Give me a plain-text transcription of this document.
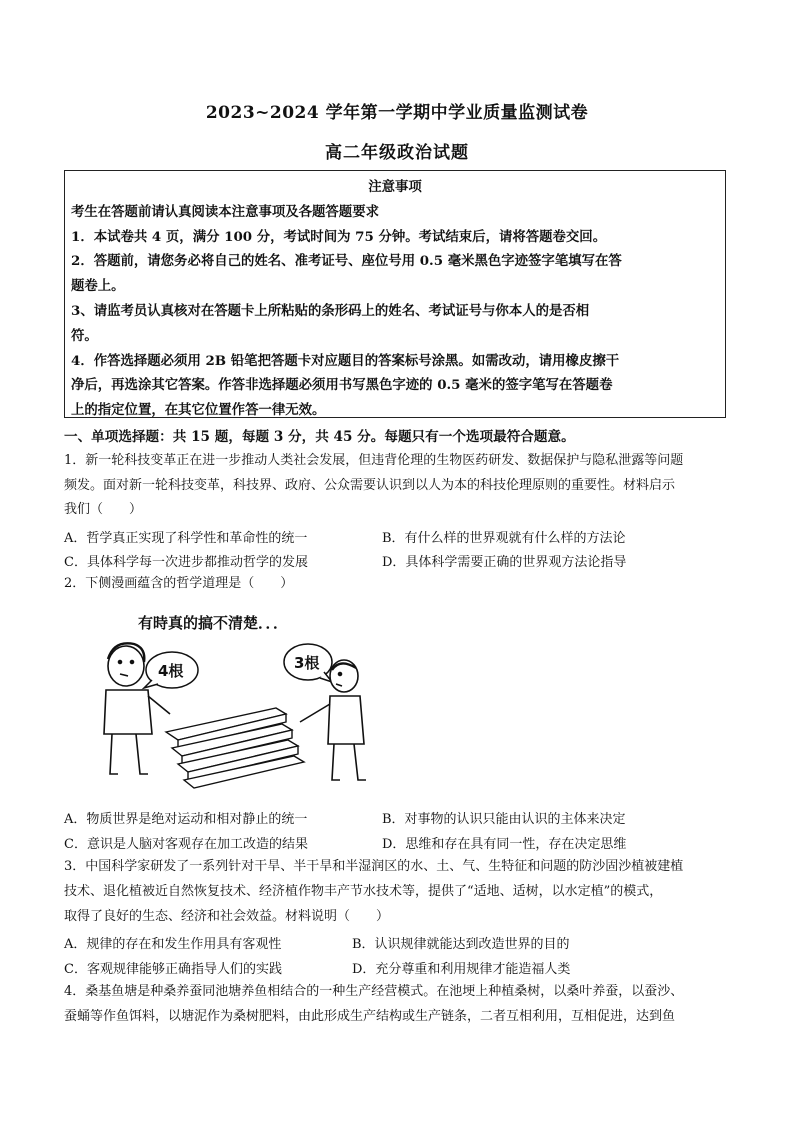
2023~2024 学年第一学期中学业质量监测试卷
高二年级政治试题
注意事项
考生在答题前请认真阅读本注意事项及各题答题要求
1．本试卷共 4 页，满分 100 分，考试时间为 75 分钟。考试结束后，请将答题卷交回。
2．答题前，请您务必将自己的姓名、准考证号、座位号用 0.5 毫米黑色字迹签字笔填写在答
题卷上。
3、请监考员认真核对在答题卡上所粘贴的条形码上的姓名、考试证号与你本人的是否相
符。
4．作答选择题必须用 2B 铅笔把答题卡对应题目的答案标号涂黑。如需改动，请用橡皮擦干
净后，再选涂其它答案。作答非选择题必须用书写黑色字迹的 0.5 毫米的签字笔写在答题卷
上的指定位置，在其它位置作答一律无效。
一、单项选择题：共 15 题，每题 3 分，共 45 分。每题只有一个选项最符合题意。
1．新一轮科技变革正在进一步推动人类社会发展，但违背伦理的生物医药研发、数据保护与隐私泄露等问题
频发。面对新一轮科技变革，科技界、政府、公众需要认识到以人为本的科技伦理原则的重要性。材料启示
我们（　　）
A．哲学真正实现了科学性和革命性的统一	B．有什么样的世界观就有什么样的方法论
C．具体科学每一次进步都推动哲学的发展	D．具体科学需要正确的世界观方法论指导
2．下侧漫画蕴含的哲学道理是（　　）
4根
有時真的搞不清楚．．．
3根
A．物质世界是绝对运动和相对静止的统一	B．对事物的认识只能由认识的主体来决定
C．意识是人脑对客观存在加工改造的结果	D．思维和存在具有同一性，存在决定思维
3．中国科学家研发了一系列针对干旱、半干旱和半湿润区的水、土、气、生特征和问题的防沙固沙植被建植
技术、退化植被近自然恢复技术、经济植作物丰产节水技术等，提供了“适地、适树，以水定植”的模式，
取得了良好的生态、经济和社会效益。材料说明（　　）
A．规律的存在和发生作用具有客观性	B．认识规律就能达到改造世界的目的
C．客观规律能够正确指导人们的实践	D．充分尊重和利用规律才能造福人类
4．桑基鱼塘是种桑养蚕同池塘养鱼相结合的一种生产经营模式。在池埂上种植桑树，以桑叶养蚕，以蚕沙、
蚕蛹等作鱼饵料，以塘泥作为桑树肥料，由此形成生产结构或生产链条，二者互相利用，互相促进，达到鱼
